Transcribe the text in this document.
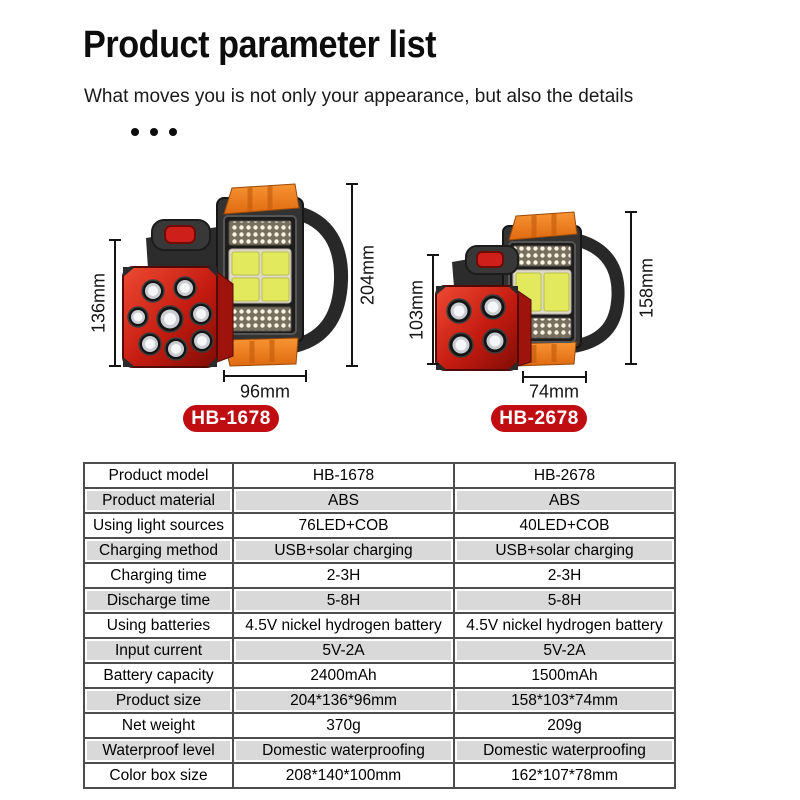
Product parameter list
What moves you is not only your appearance, but also the details
136mm	204mm
96mm
103mm	158mm
74mm
HB-1678	HB-2678
Product model	HB-1678	HB-2678
Product material	ABS	ABS
Using light sources	76LED+COB	40LED+COB
Charging method	USB+solar charging	USB+solar charging
Charging time	2-3H	2-3H
Discharge time	5-8H	5-8H
Using batteries	4.5V nickel hydrogen battery	4.5V nickel hydrogen battery
Input current	5V-2A	5V-2A
Battery capacity	2400mAh	1500mAh
Product size	204*136*96mm	158*103*74mm
Net weight	370g	209g
Waterproof level	Domestic waterproofing	Domestic waterproofing
Color box size	208*140*100mm	162*107*78mm
